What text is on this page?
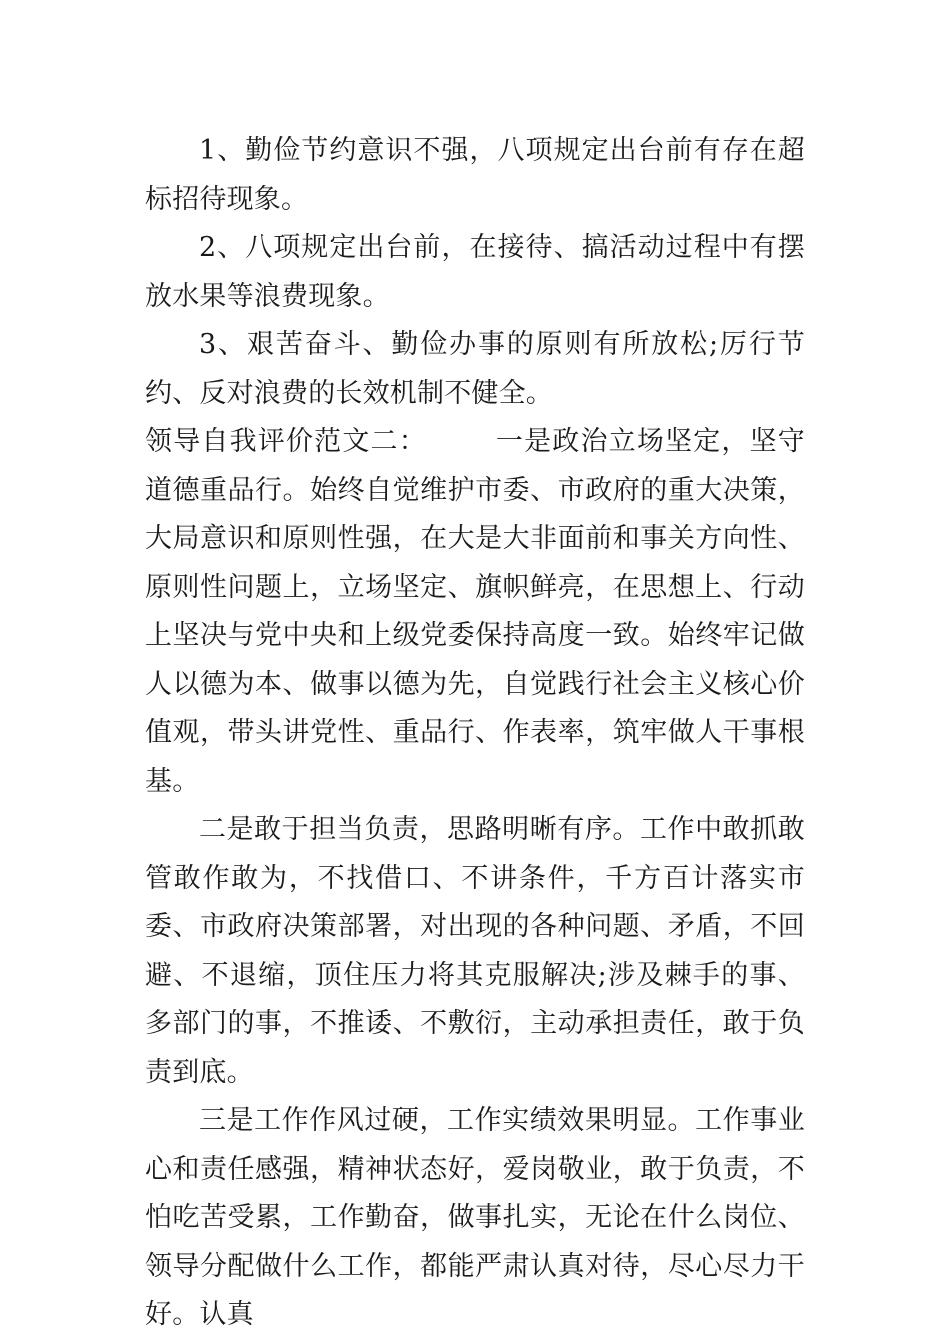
1、勤俭节约意识不强，八项规定出台前有存在超标招待现象。

2、八项规定出台前，在接待、搞活动过程中有摆放水果等浪费现象。

3、艰苦奋斗、勤俭办事的原则有所放松;厉行节约、反对浪费的长效机制不健全。

领导自我评价范文二：	一是政治立场坚定，坚守道德重品行。始终自觉维护市委、市政府的重大决策，大局意识和原则性强，在大是大非面前和事关方向性、原则性问题上，立场坚定、旗帜鲜亮，在思想上、行动上坚决与党中央和上级党委保持高度一致。始终牢记做人以德为本、做事以德为先，自觉践行社会主义核心价值观，带头讲党性、重品行、作表率，筑牢做人干事根基。

二是敢于担当负责，思路明晰有序。工作中敢抓敢管敢作敢为，不找借口、不讲条件，千方百计落实市委、市政府决策部署，对出现的各种问题、矛盾，不回避、不退缩，顶住压力将其克服解决;涉及棘手的事、多部门的事，不推诿、不敷衍，主动承担责任，敢于负责到底。

三是工作作风过硬，工作实绩效果明显。工作事业心和责任感强，精神状态好，爱岗敬业，敢于负责，不怕吃苦受累，工作勤奋，做事扎实，无论在什么岗位、领导分配做什么工作，都能严肃认真对待，尽心尽力干好。认真
